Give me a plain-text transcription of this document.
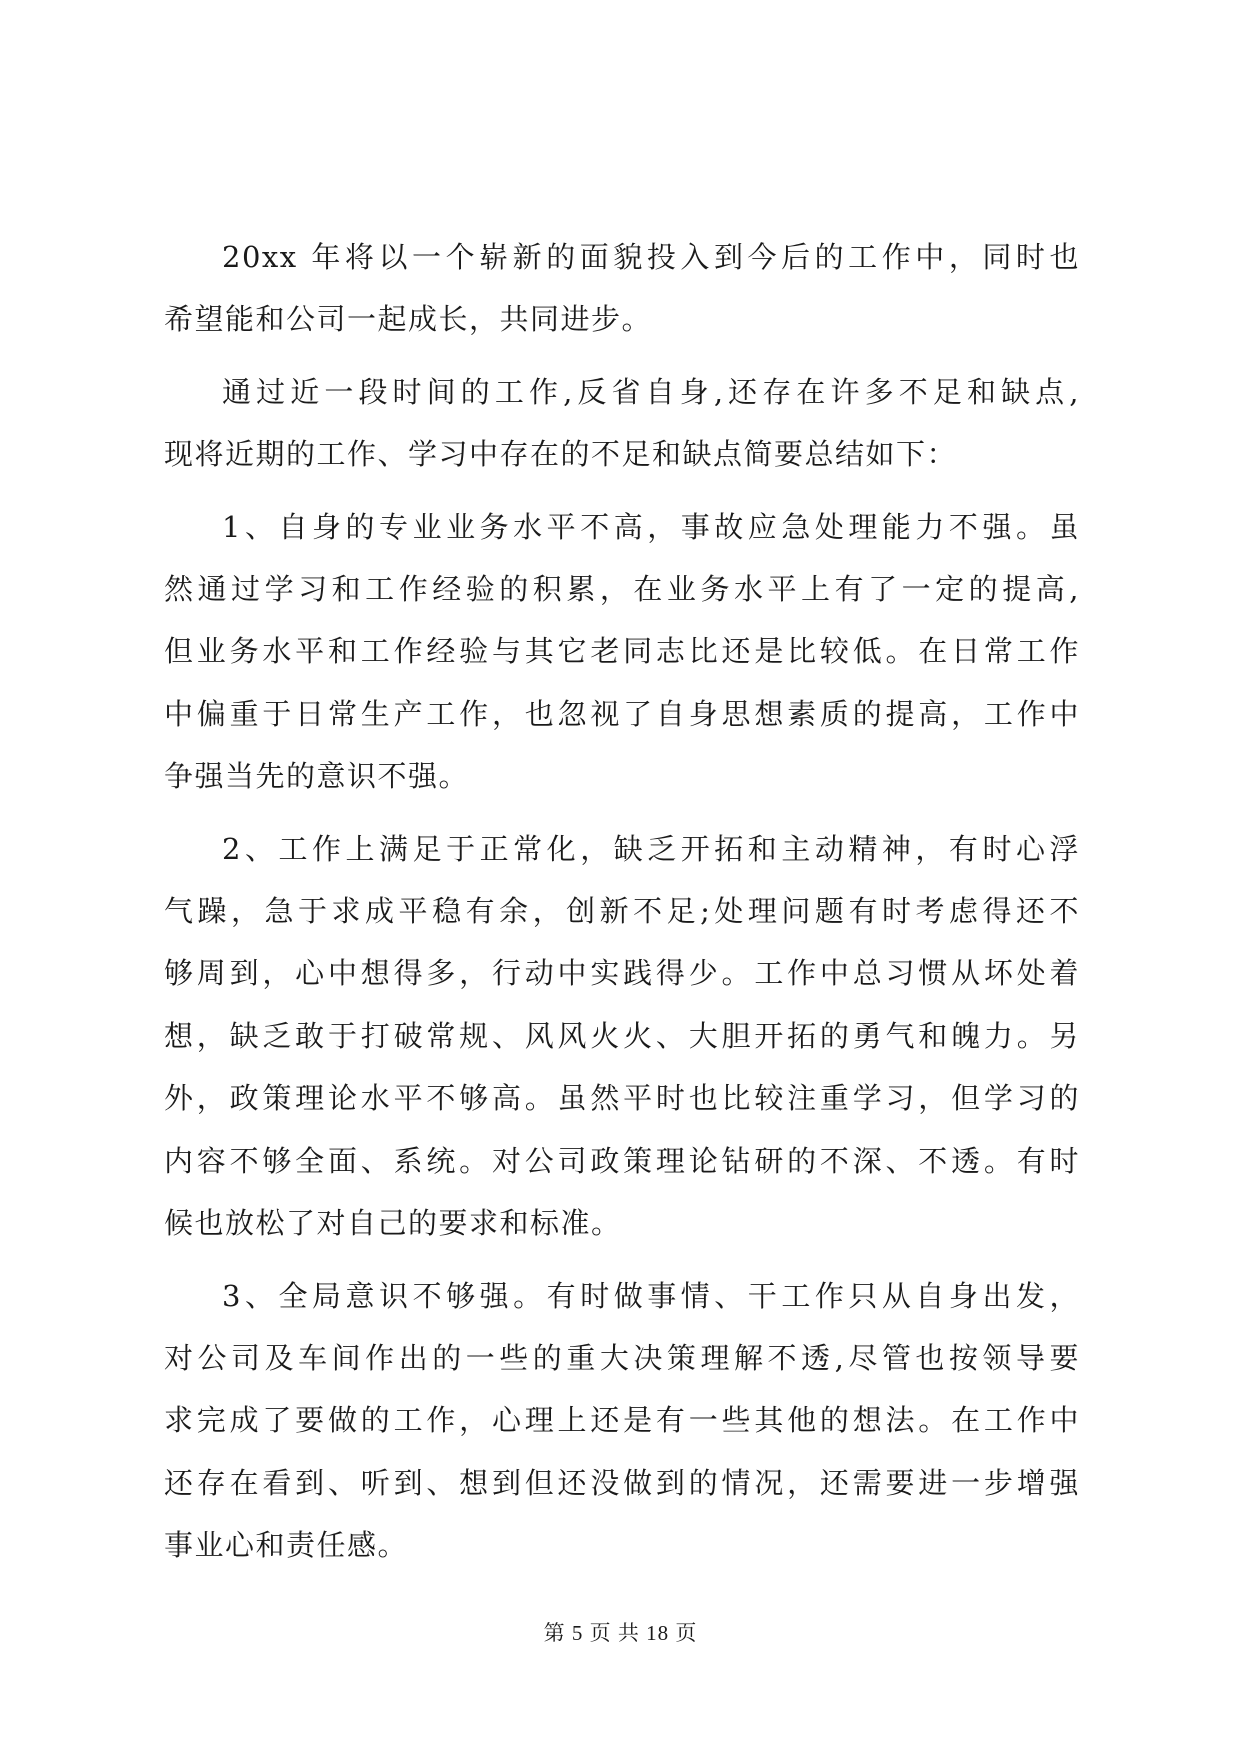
20xx 年将以一个崭新的面貌投入到今后的工作中，同时也
希望能和公司一起成长，共同进步。

通过近一段时间的工作,反省自身,还存在许多不足和缺点,
现将近期的工作、学习中存在的不足和缺点简要总结如下：

1、自身的专业业务水平不高，事故应急处理能力不强。虽
然通过学习和工作经验的积累，在业务水平上有了一定的提高,
但业务水平和工作经验与其它老同志比还是比较低。在日常工作
中偏重于日常生产工作，也忽视了自身思想素质的提高，工作中
争强当先的意识不强。

2、工作上满足于正常化，缺乏开拓和主动精神，有时心浮
气躁，急于求成平稳有余，创新不足;处理问题有时考虑得还不
够周到，心中想得多，行动中实践得少。工作中总习惯从坏处着
想，缺乏敢于打破常规、风风火火、大胆开拓的勇气和魄力。另
外，政策理论水平不够高。虽然平时也比较注重学习，但学习的
内容不够全面、系统。对公司政策理论钻研的不深、不透。有时
候也放松了对自己的要求和标准。

3、全局意识不够强。有时做事情、干工作只从自身出发，
对公司及车间作出的一些的重大决策理解不透,尽管也按领导要
求完成了要做的工作，心理上还是有一些其他的想法。在工作中
还存在看到、听到、想到但还没做到的情况，还需要进一步增强
事业心和责任感。

第 5 页 共 18 页
